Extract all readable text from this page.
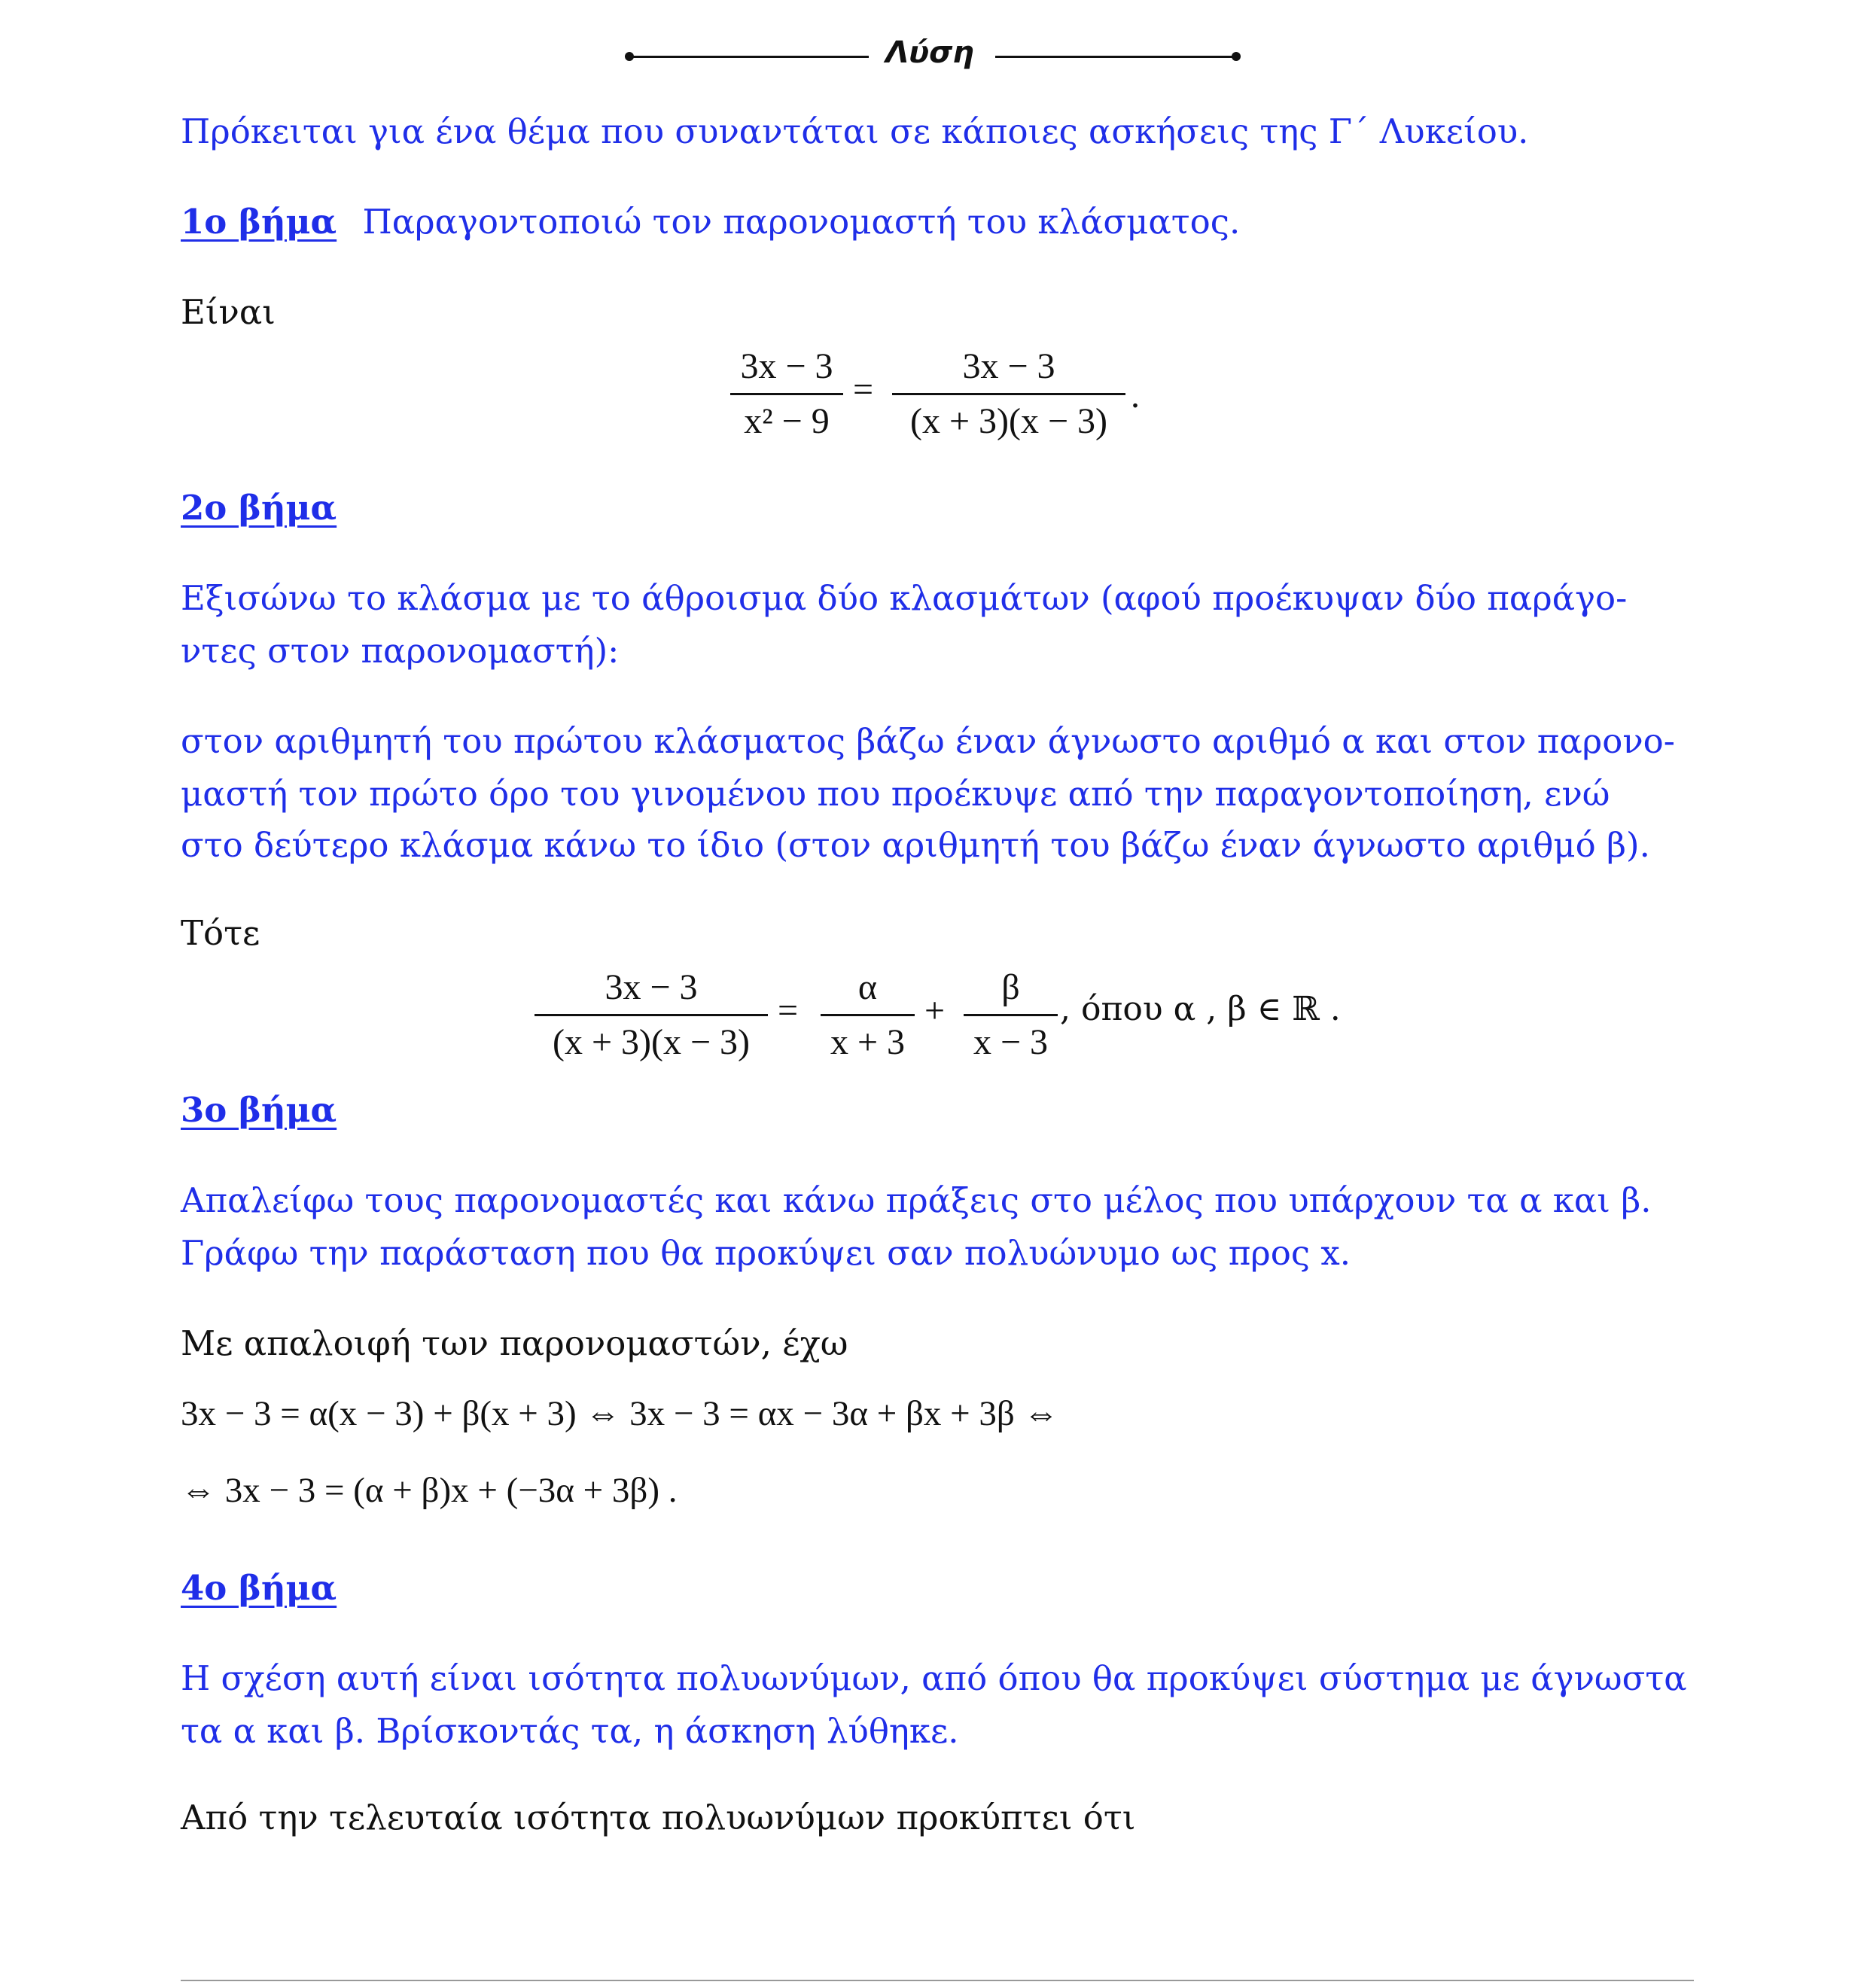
Λύση
Πρόκειται για ένα θέμα που συναντάται σε κάποιες ασκήσεις της Γ΄ Λυκείου.
1ο βήμα Παραγοντοποιώ τον παρονομαστή του κλάσματος.
Είναι
3x − 3
x² − 9
=
3x − 3
(x + 3)(x − 3)
.
2ο βήμα
Εξισώνω το κλάσμα με το άθροισμα δύο κλασμάτων (αφού προέκυψαν δύο παράγο-
ντες στον παρονομαστή):
στον αριθμητή του πρώτου κλάσματος βάζω έναν άγνωστο αριθμό α και στον παρονο-
μαστή τον πρώτο όρο του γινομένου που προέκυψε από την παραγοντοποίηση, ενώ
στο δεύτερο κλάσμα κάνω το ίδιο (στον αριθμητή του βάζω έναν άγνωστο αριθμό β).
Τότε
3x − 3
(x + 3)(x − 3)
=
α
x + 3
+
β
x − 3
, όπου α , β ∈ ℝ .
3ο βήμα
Απαλείφω τους παρονομαστές και κάνω πράξεις στο μέλος που υπάρχουν τα α και β.
Γράφω την παράσταση που θα προκύψει σαν πολυώνυμο ως προς x.
Με απαλοιφή των παρονομαστών, έχω
3x − 3 = α(x − 3) + β(x + 3) ⇔ 3x − 3 = αx − 3α + βx + 3β ⇔
⇔ 3x − 3 = (α + β)x + (−3α + 3β) .
4ο βήμα
Η σχέση αυτή είναι ισότητα πολυωνύμων, από όπου θα προκύψει σύστημα με άγνωστα
τα α και β. Βρίσκοντάς τα, η άσκηση λύθηκε.
Από την τελευταία ισότητα πολυωνύμων προκύπτει ότι
